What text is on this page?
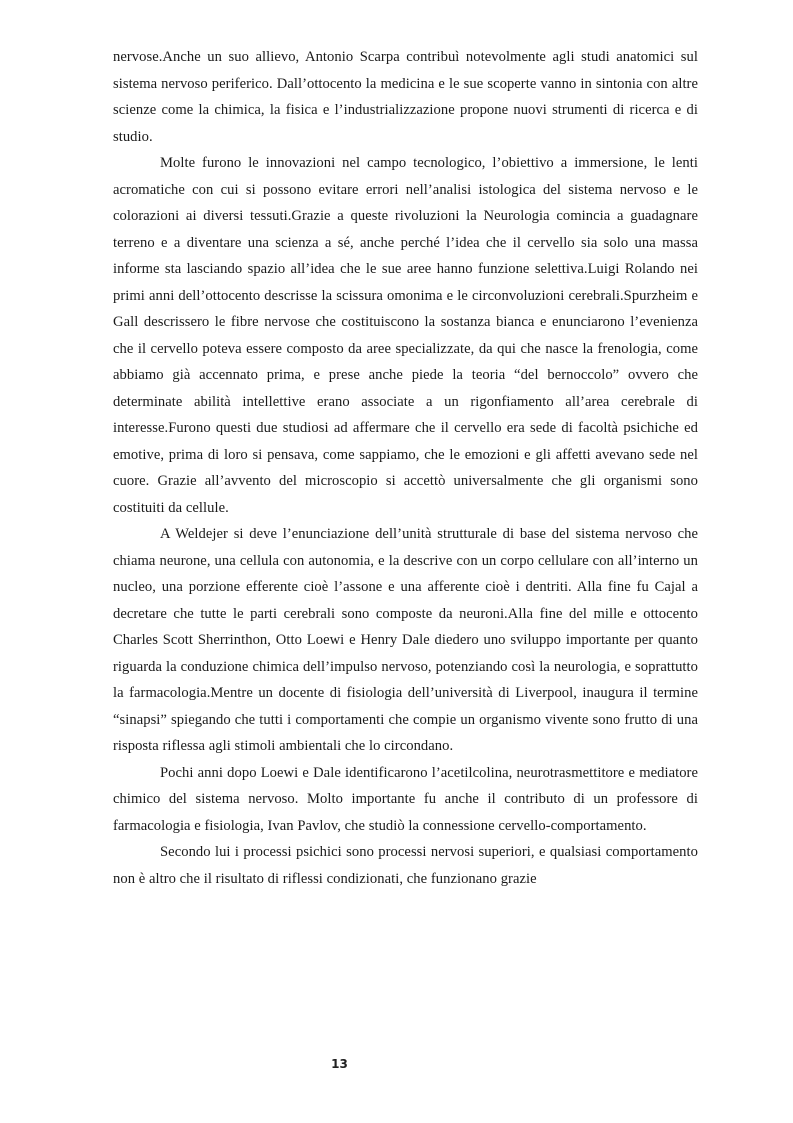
nervose.Anche un suo allievo, Antonio Scarpa contribuì notevolmente agli studi anatomici sul sistema nervoso periferico. Dall’ottocento la medicina e le sue scoperte vanno in sintonia con altre scienze come la chimica, la fisica e l’industrializzazione propone nuovi strumenti di ricerca e di studio.

Molte furono le innovazioni nel campo tecnologico, l’obiettivo a immersione, le lenti acromatiche con cui si possono evitare errori nell’analisi istologica del sistema nervoso e le colorazioni ai diversi tessuti.Grazie a queste rivoluzioni la Neurologia comincia a guadagnare terreno e a diventare una scienza a sé, anche perché l’idea che il cervello sia solo una massa informe sta lasciando spazio all’idea che le sue aree hanno funzione selettiva.Luigi Rolando nei primi anni dell’ottocento descrisse la scissura omonima e le circonvoluzioni cerebrali.Spurzheim e Gall descrissero le fibre nervose che costituiscono la sostanza bianca e enunciarono l’evenienza che il cervello poteva essere composto da aree specializzate, da qui che nasce la frenologia, come abbiamo già accennato prima, e prese anche piede la teoria “del bernoccolo” ovvero che determinate abilità intellettive erano associate a un rigonfiamento all’area cerebrale di interesse.Furono questi due studiosi ad affermare che il cervello era sede di facoltà psichiche ed emotive, prima di loro si pensava, come sappiamo, che le emozioni e gli affetti avevano sede nel cuore. Grazie all’avvento del microscopio si accettò universalmente che gli organismi sono costituiti da cellule.

A Weldejer si deve l’enunciazione dell’unità strutturale di base del sistema nervoso che chiama neurone, una cellula con autonomia, e la descrive con un corpo cellulare con all’interno un nucleo, una porzione efferente cioè l’assone e una afferente cioè i dentriti. Alla fine fu Cajal a decretare che tutte le parti cerebrali sono composte da neuroni.Alla fine del mille e ottocento Charles Scott Sherrinthon, Otto Loewi e Henry Dale diedero uno sviluppo importante per quanto riguarda la conduzione chimica dell’impulso nervoso, potenziando così la neurologia, e soprattutto la farmacologia.Mentre un docente di fisiologia dell’università di Liverpool, inaugura il termine “sinapsi” spiegando che tutti i comportamenti che compie un organismo vivente sono frutto di una risposta riflessa agli stimoli ambientali che lo circondano.

Pochi anni dopo Loewi e Dale identificarono l’acetilcolina, neurotrasmettitore e mediatore chimico del sistema nervoso. Molto importante fu anche il contributo di un professore di farmacologia e fisiologia, Ivan Pavlov, che studiò la connessione cervello-comportamento.

Secondo lui i processi psichici sono processi nervosi superiori, e qualsiasi comportamento non è altro che il risultato di riflessi condizionati, che funzionano grazie

13
